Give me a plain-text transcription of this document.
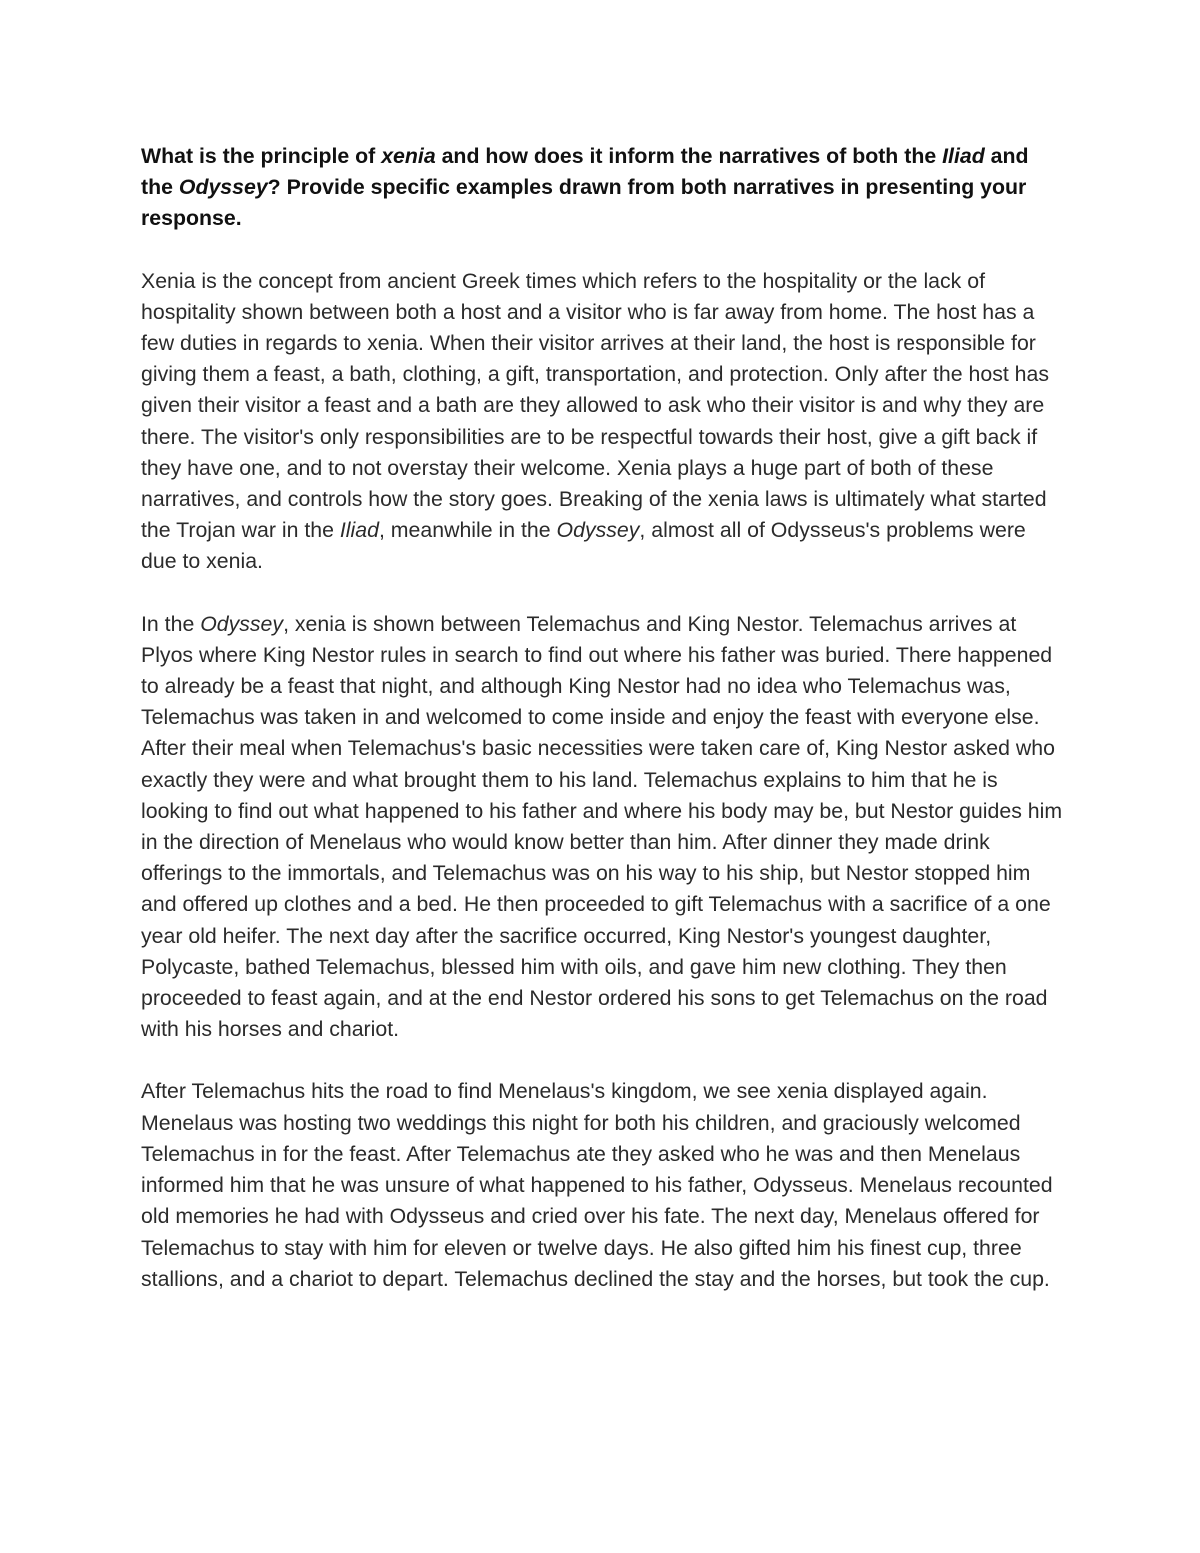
What is the principle of xenia and how does it inform the narratives of both the Iliad and the Odyssey? Provide specific examples drawn from both narratives in presenting your response.

Xenia is the concept from ancient Greek times which refers to the hospitality or the lack of hospitality shown between both a host and a visitor who is far away from home. The host has a few duties in regards to xenia. When their visitor arrives at their land, the host is responsible for giving them a feast, a bath, clothing, a gift, transportation, and protection. Only after the host has given their visitor a feast and a bath are they allowed to ask who their visitor is and why they are there. The visitor's only responsibilities are to be respectful towards their host, give a gift back if they have one, and to not overstay their welcome. Xenia plays a huge part of both of these narratives, and controls how the story goes. Breaking of the xenia laws is ultimately what started the Trojan war in the Iliad, meanwhile in the Odyssey, almost all of Odysseus's problems were due to xenia.

In the Odyssey, xenia is shown between Telemachus and King Nestor. Telemachus arrives at Plyos where King Nestor rules in search to find out where his father was buried. There happened to already be a feast that night, and although King Nestor had no idea who Telemachus was, Telemachus was taken in and welcomed to come inside and enjoy the feast with everyone else. After their meal when Telemachus's basic necessities were taken care of, King Nestor asked who exactly they were and what brought them to his land. Telemachus explains to him that he is looking to find out what happened to his father and where his body may be, but Nestor guides him in the direction of Menelaus who would know better than him. After dinner they made drink offerings to the immortals, and Telemachus was on his way to his ship, but Nestor stopped him and offered up clothes and a bed. He then proceeded to gift Telemachus with a sacrifice of a one year old heifer. The next day after the sacrifice occurred, King Nestor's youngest daughter, Polycaste, bathed Telemachus, blessed him with oils, and gave him new clothing. They then proceeded to feast again, and at the end Nestor ordered his sons to get Telemachus on the road with his horses and chariot.

After Telemachus hits the road to find Menelaus's kingdom, we see xenia displayed again. Menelaus was hosting two weddings this night for both his children, and graciously welcomed Telemachus in for the feast. After Telemachus ate they asked who he was and then Menelaus informed him that he was unsure of what happened to his father, Odysseus. Menelaus recounted old memories he had with Odysseus and cried over his fate. The next day, Menelaus offered for Telemachus to stay with him for eleven or twelve days. He also gifted him his finest cup, three stallions, and a chariot to depart. Telemachus declined the stay and the horses, but took the cup.
